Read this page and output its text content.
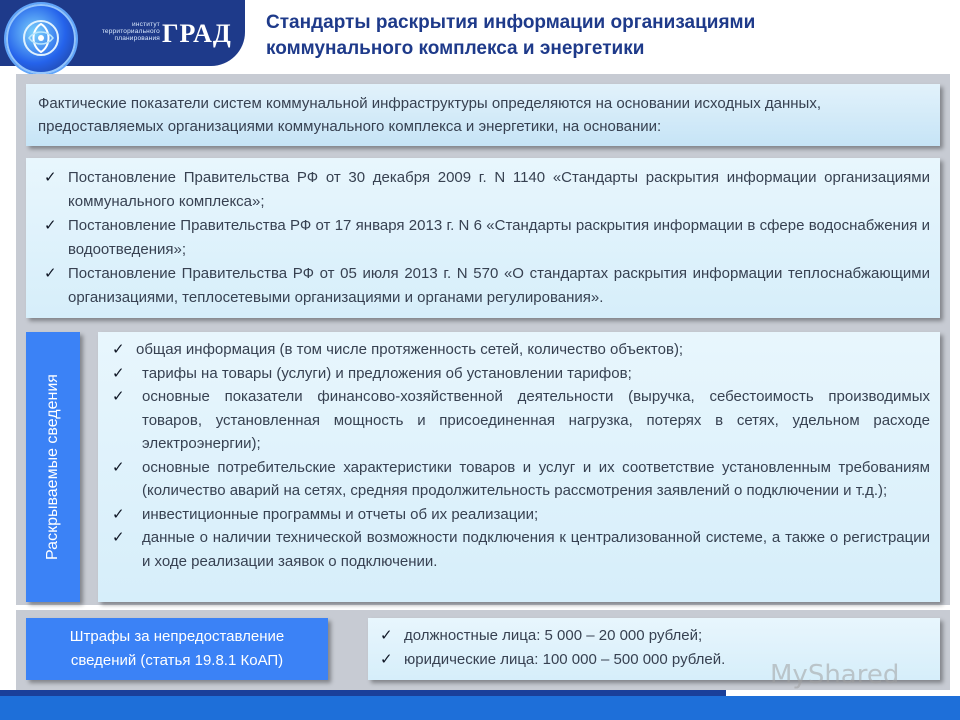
институт территориального планирования ГРАД Стандарты раскрытия информации организациями
коммунального комплекса и энергетики

Фактические показатели систем коммунальной инфраструктуры определяются на основании исходных данных, предоставляемых организациями коммунального комплекса и энергетики, на основании:

✓ Постановление Правительства РФ от 30 декабря 2009 г. N 1140 «Стандарты раскрытия информации организациями коммунального комплекса»;
✓ Постановление Правительства РФ от 17 января 2013 г. N 6 «Стандарты раскрытия информации в сфере водоснабжения и водоотведения»;
✓ Постановление Правительства РФ от 05 июля 2013 г. N 570 «О стандартах раскрытия информации теплоснабжающими организациями, теплосетевыми организациями и органами регулирования».
Раскрываемые сведения
✓ общая информация (в том числе протяженность сетей, количество объектов);
✓ тарифы на товары (услуги) и предложения об установлении тарифов;
✓ основные показатели финансово-хозяйственной деятельности (выручка, себестоимость производимых товаров, установленная мощность и присоединенная нагрузка, потерях в сетях, удельном расходе электроэнергии);
✓ основные потребительские характеристики товаров и услуг и их соответствие установленным требованиям (количество аварий на сетях, средняя продолжительность рассмотрения заявлений о подключении и т.д.);
✓ инвестиционные программы и отчеты об их реализации;
✓ данные о наличии технической возможности подключения к централизованной системе, а также о регистрации и ходе реализации заявок о подключении.
Штрафы за непредоставление
сведений (статья 19.8.1 КоАП)
✓ должностные лица: 5 000 – 20 000 рублей;
✓ юридические лица: 100 000 – 500 000 рублей.
MyShared
